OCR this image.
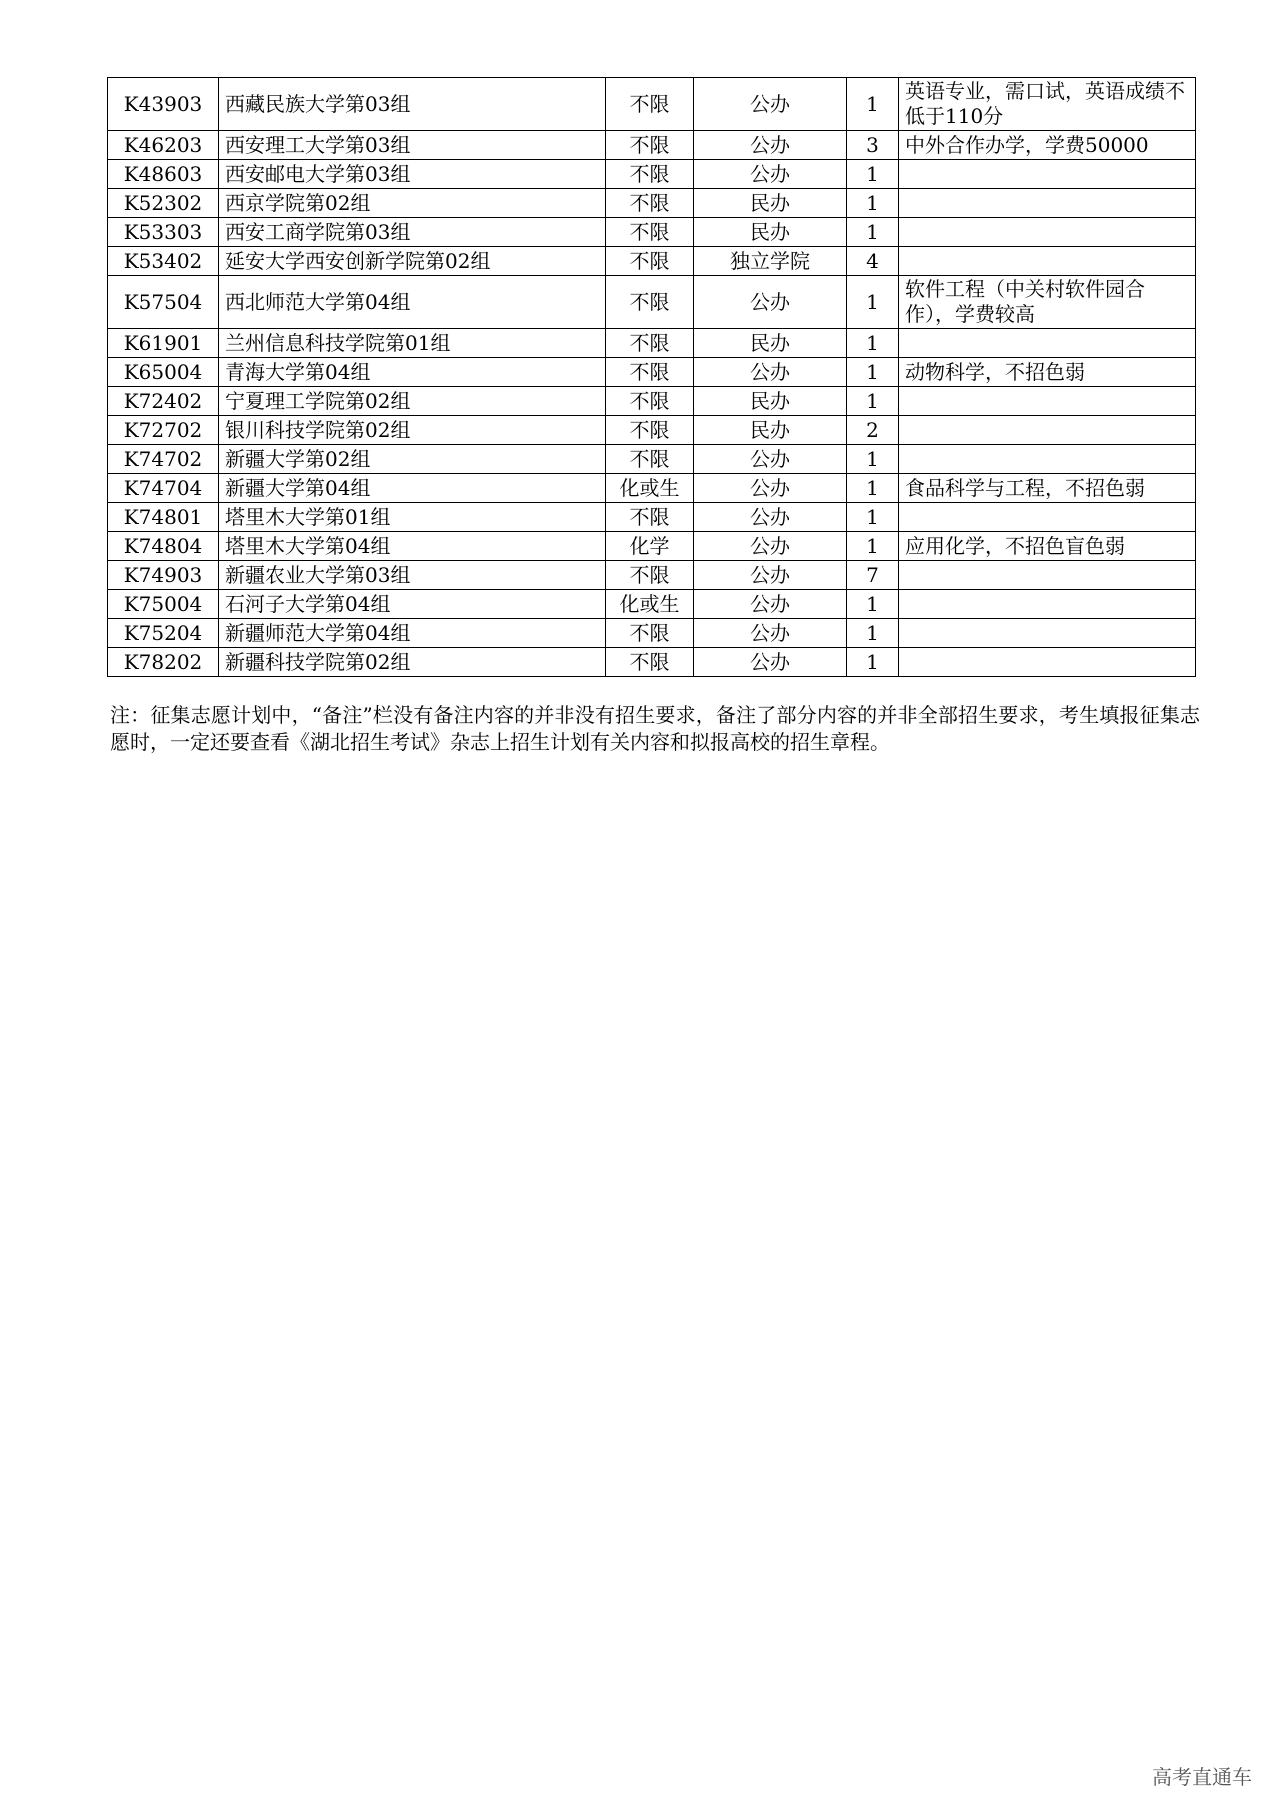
K43903	西藏民族大学第03组	不限	公办	1	英语专业，需口试，英语成绩不低于110分
K46203	西安理工大学第03组	不限	公办	3	中外合作办学，学费50000
K48603	西安邮电大学第03组	不限	公办	1	
K52302	西京学院第02组	不限	民办	1	
K53303	西安工商学院第03组	不限	民办	1	
K53402	延安大学西安创新学院第02组	不限	独立学院	4	
K57504	西北师范大学第04组	不限	公办	1	软件工程（中关村软件园合作），学费较高
K61901	兰州信息科技学院第01组	不限	民办	1	
K65004	青海大学第04组	不限	公办	1	动物科学，不招色弱
K72402	宁夏理工学院第02组	不限	民办	1	
K72702	银川科技学院第02组	不限	民办	2	
K74702	新疆大学第02组	不限	公办	1	
K74704	新疆大学第04组	化或生	公办	1	食品科学与工程，不招色弱
K74801	塔里木大学第01组	不限	公办	1	
K74804	塔里木大学第04组	化学	公办	1	应用化学，不招色盲色弱
K74903	新疆农业大学第03组	不限	公办	7	
K75004	石河子大学第04组	化或生	公办	1	
K75204	新疆师范大学第04组	不限	公办	1	
K78202	新疆科技学院第02组	不限	公办	1	
注：征集志愿计划中，“备注”栏没有备注内容的并非没有招生要求，备注了部分内容的并非全部招生要求，考生填报征集志愿时，一定还要查看《湖北招生考试》杂志上招生计划有关内容和拟报高校的招生章程。
高考直通车
